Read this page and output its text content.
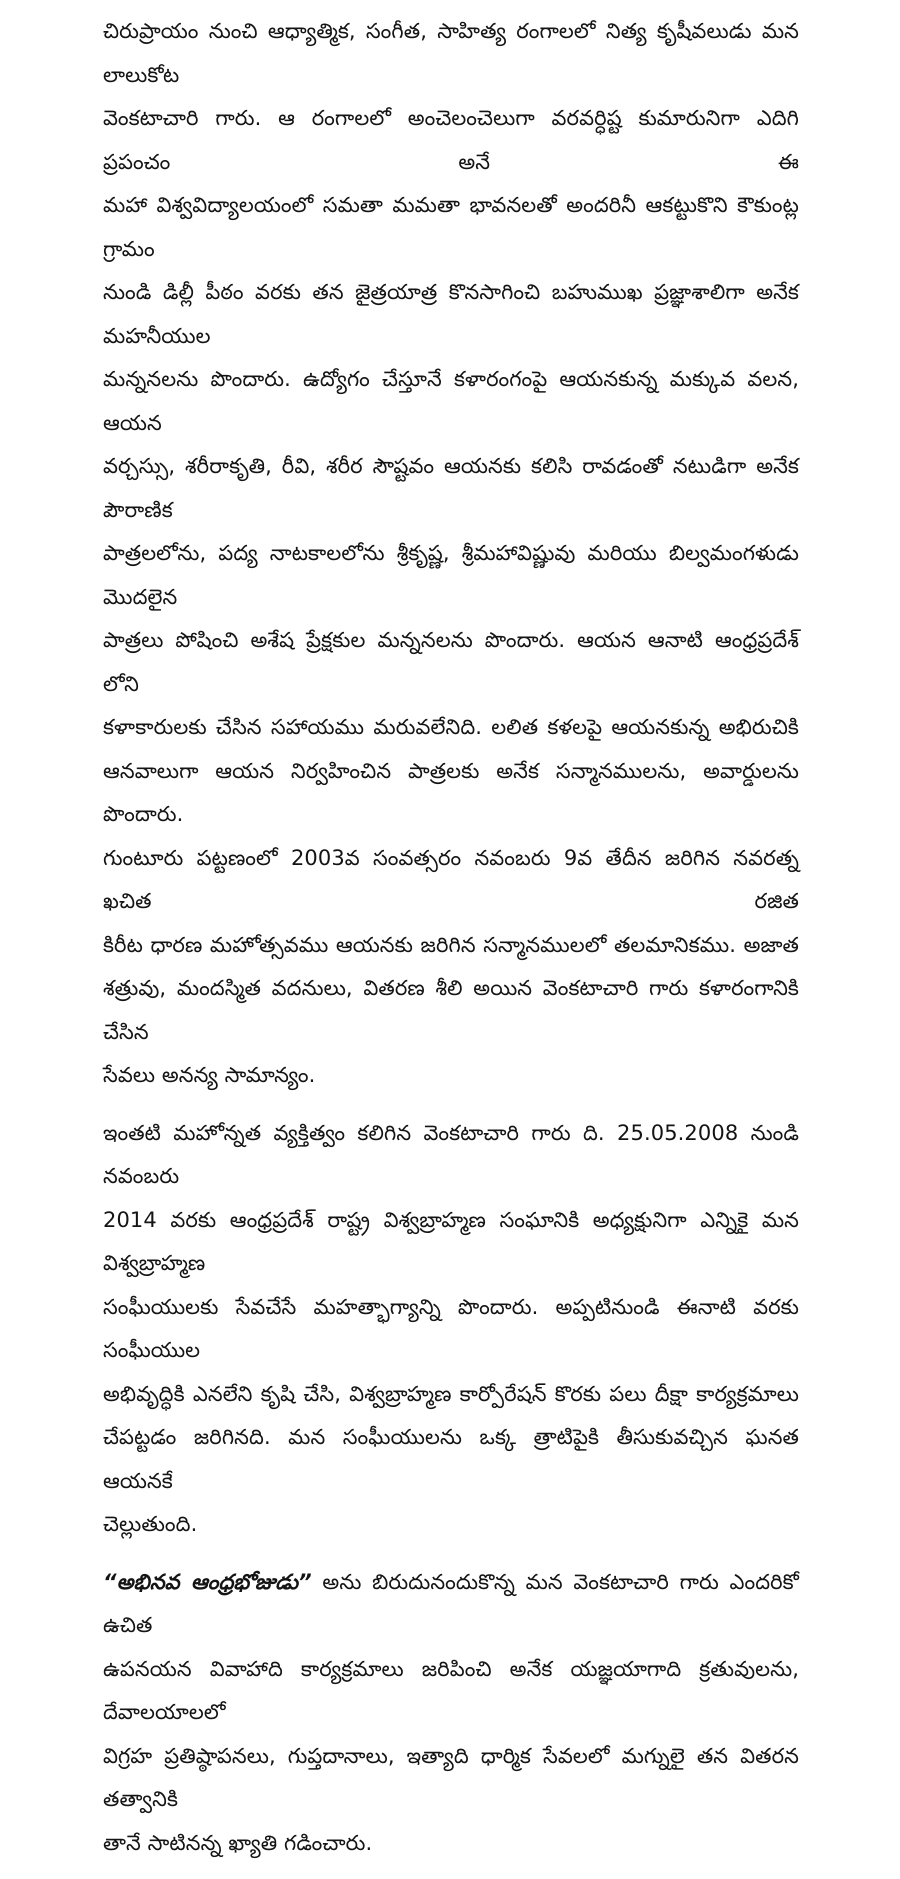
చిరుప్రాయం నుంచి ఆధ్యాత్మిక, సంగీత, సాహిత్య రంగాలలో నిత్య కృషీవలుడు మన లాలుకోట
వెంకటాచారి గారు. ఆ రంగాలలో అంచెలంచెలుగా వరవర్ధిష్ట కుమారునిగా ఎదిగి ప్రపంచం అనే ఈ
మహా విశ్వవిద్యాలయంలో సమతా మమతా భావనలతో అందరినీ ఆకట్టుకొని కౌకుంట్ల గ్రామం
నుండి డిల్లీ పీఠం వరకు తన జైత్రయాత్ర కొనసాగించి బహుముఖ ప్రజ్ఞాశాలిగా అనేక మహనీయుల
మన్ననలను పొందారు. ఉద్యోగం చేస్తూనే కళారంగంపై ఆయనకున్న మక్కువ వలన, ఆయన
వర్చస్సు, శరీరాకృతి, రీవి, శరీర సౌష్టవం ఆయనకు కలిసి రావడంతో నటుడిగా అనేక పౌరాణిక
పాత్రలలోను, పద్య నాటకాలలోను శ్రీకృష్ణ, శ్రీమహావిష్ణువు మరియు బిల్వమంగళుడు మొదలైన
పాత్రలు పోషించి అశేష ప్రేక్షకుల మన్ననలను పొందారు. ఆయన ఆనాటి ఆంధ్రప్రదేశ్ లోని
కళాకారులకు చేసిన సహాయము మరువలేనిది. లలిత కళలపై ఆయనకున్న అభిరుచికి
ఆనవాలుగా ఆయన నిర్వహించిన పాత్రలకు అనేక సన్మానములను, అవార్డులను పొందారు.
గుంటూరు పట్టణంలో 2003వ సంవత్సరం నవంబరు 9వ తేదీన జరిగిన నవరత్న ఖచిత రజిత
కిరీట ధారణ మహోత్సవము ఆయనకు జరిగిన సన్మానములలో తలమానికము. అజాత
శత్రువు, మందస్మిత వదనులు, వితరణ శీలి అయిన వెంకటాచారి గారు కళారంగానికి చేసిన
సేవలు అనన్య సామాన్యం.
ఇంతటి మహోన్నత వ్యక్తిత్వం కలిగిన వెంకటాచారి గారు ది. 25.05.2008 నుండి నవంబరు
2014 వరకు ఆంధ్రప్రదేశ్ రాష్ట్ర విశ్వబ్రాహ్మణ సంఘానికి అధ్యక్షునిగా ఎన్నికై మన విశ్వబ్రాహ్మణ
సంఘీయులకు సేవచేసే మహత్భాగ్యాన్ని పొందారు. అప్పటినుండి ఈనాటి వరకు సంఘీయుల
అభివృద్ధికి ఎనలేని కృషి చేసి, విశ్వబ్రాహ్మణ కార్పోరేషన్ కొరకు పలు దీక్షా కార్యక్రమాలు
చేపట్టడం జరిగినది. మన సంఘీయులను ఒక్క త్రాటిపైకి తీసుకువచ్చిన ఘనత ఆయనకే
చెల్లుతుంది.
“అభినవ ఆంధ్రభోజుడు” అను బిరుదునందుకొన్న మన వెంకటాచారి గారు ఎందరికో ఉచిత
ఉపనయన వివాహాది కార్యక్రమాలు జరిపించి అనేక యజ్ఞయాగాది క్రతువులను, దేవాలయాలలో
విగ్రహ ప్రతిష్ఠాపనలు, గుప్తదానాలు, ఇత్యాది ధార్మిక సేవలలో మగ్నులై తన వితరన తత్వానికి
తానే సాటినన్న ఖ్యాతి గడించారు.
